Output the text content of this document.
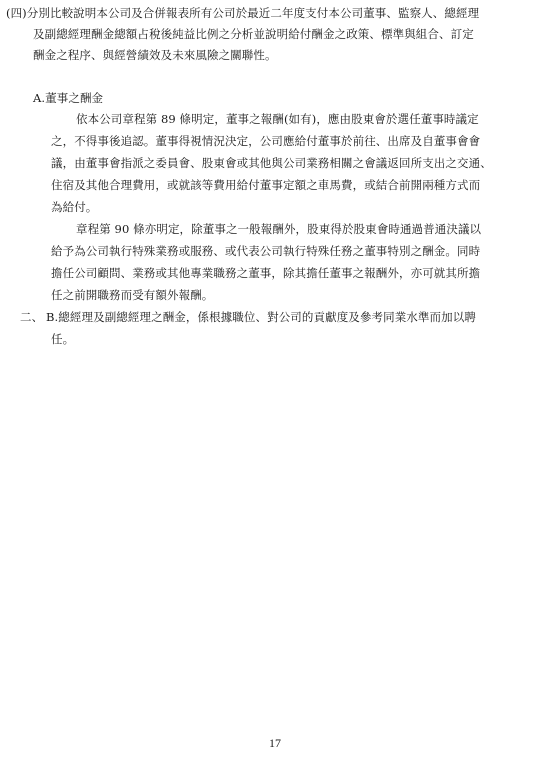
(四)分別比較說明本公司及合併報表所有公司於最近二年度支付本公司董事、監察人、總經理
及副總經理酬金總額占稅後純益比例之分析並說明給付酬金之政策、標準與組合、訂定
酬金之程序、與經營績效及未來風險之關聯性。
A.董事之酬金
依本公司章程第 89 條明定，董事之報酬(如有)，應由股東會於選任董事時議定
之，不得事後追認。董事得視情況決定，公司應給付董事於前往、出席及自董事會會
議，由董事會指派之委員會、股東會或其他與公司業務相關之會議返回所支出之交通、
住宿及其他合理費用，或就該等費用給付董事定額之車馬費，或結合前開兩種方式而
為給付。
章程第 90 條亦明定，除董事之一般報酬外，股東得於股東會時通過普通決議以
給予為公司執行特殊業務或服務、或代表公司執行特殊任務之董事特別之酬金。同時
擔任公司顧問、業務或其他專業職務之董事，除其擔任董事之報酬外，亦可就其所擔
任之前開職務而受有額外報酬。
二、 B.總經理及副總經理之酬金，係根據職位、對公司的貢獻度及參考同業水準而加以聘
任。
17
